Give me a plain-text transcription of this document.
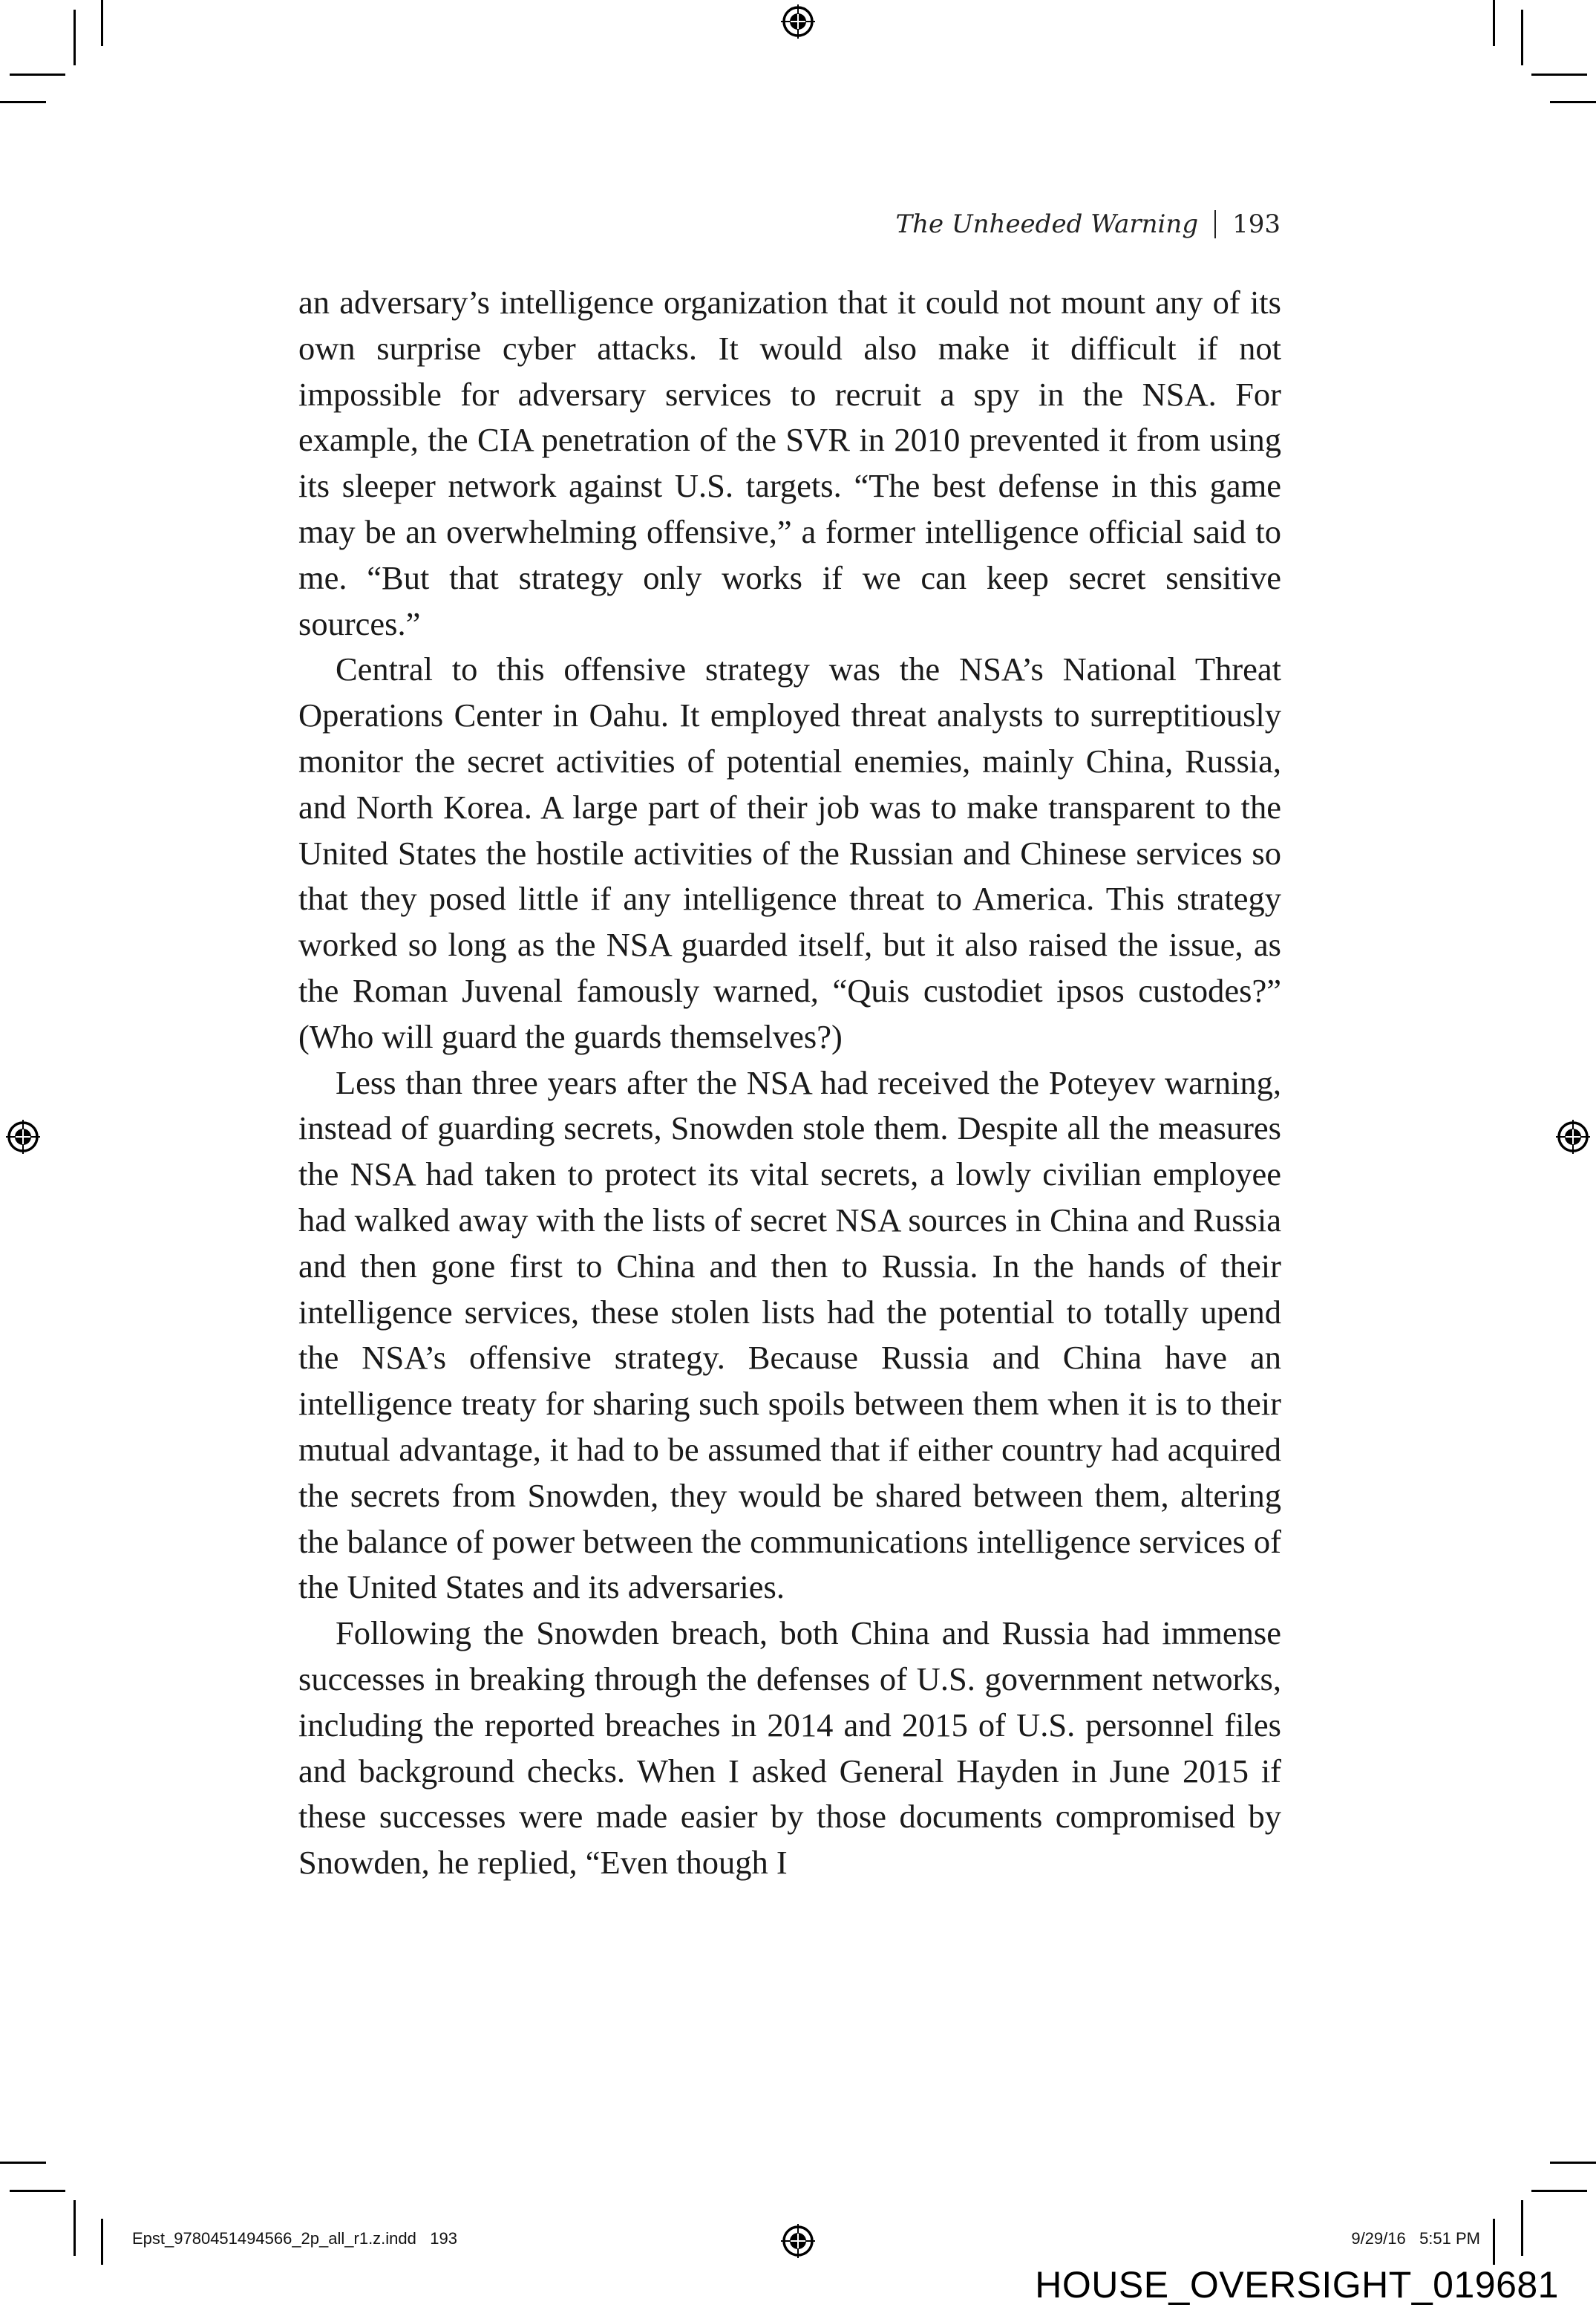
The Unheeded Warning 193

an adversary’s intelligence organization that it could not mount any of its own surprise cyber attacks. It would also make it difficult if not impossible for adversary services to recruit a spy in the NSA. For example, the CIA penetration of the SVR in 2010 prevented it from using its sleeper network against U.S. targets. “The best defense in this game may be an overwhelming offensive,” a former intelligence official said to me. “But that strategy only works if we can keep secret sensitive sources.”

Central to this offensive strategy was the NSA’s National Threat Operations Center in Oahu. It employed threat analysts to surreptitiously monitor the secret activities of potential enemies, mainly China, Russia, and North Korea. A large part of their job was to make transparent to the United States the hostile activities of the Russian and Chinese services so that they posed little if any intelligence threat to America. This strategy worked so long as the NSA guarded itself, but it also raised the issue, as the Roman Juvenal famously warned, “Quis custodiet ipsos custodes?” (Who will guard the guards themselves?)

Less than three years after the NSA had received the Poteyev warning, instead of guarding secrets, Snowden stole them. Despite all the measures the NSA had taken to protect its vital secrets, a lowly civilian employee had walked away with the lists of secret NSA sources in China and Russia and then gone first to China and then to Russia. In the hands of their intelligence services, these stolen lists had the potential to totally upend the NSA’s offensive strategy. Because Russia and China have an intelligence treaty for sharing such spoils between them when it is to their mutual advantage, it had to be assumed that if either country had acquired the secrets from Snowden, they would be shared between them, altering the balance of power between the communications intelligence services of the United States and its adversaries.

Following the Snowden breach, both China and Russia had immense successes in breaking through the defenses of U.S. government networks, including the reported breaches in 2014 and 2015 of U.S. personnel files and background checks. When I asked General Hayden in June 2015 if these successes were made easier by those documents compromised by Snowden, he replied, “Even though I

Epst_9780451494566_2p_all_r1.z.indd   193	9/29/16   5:51 PM
HOUSE_OVERSIGHT_019681
